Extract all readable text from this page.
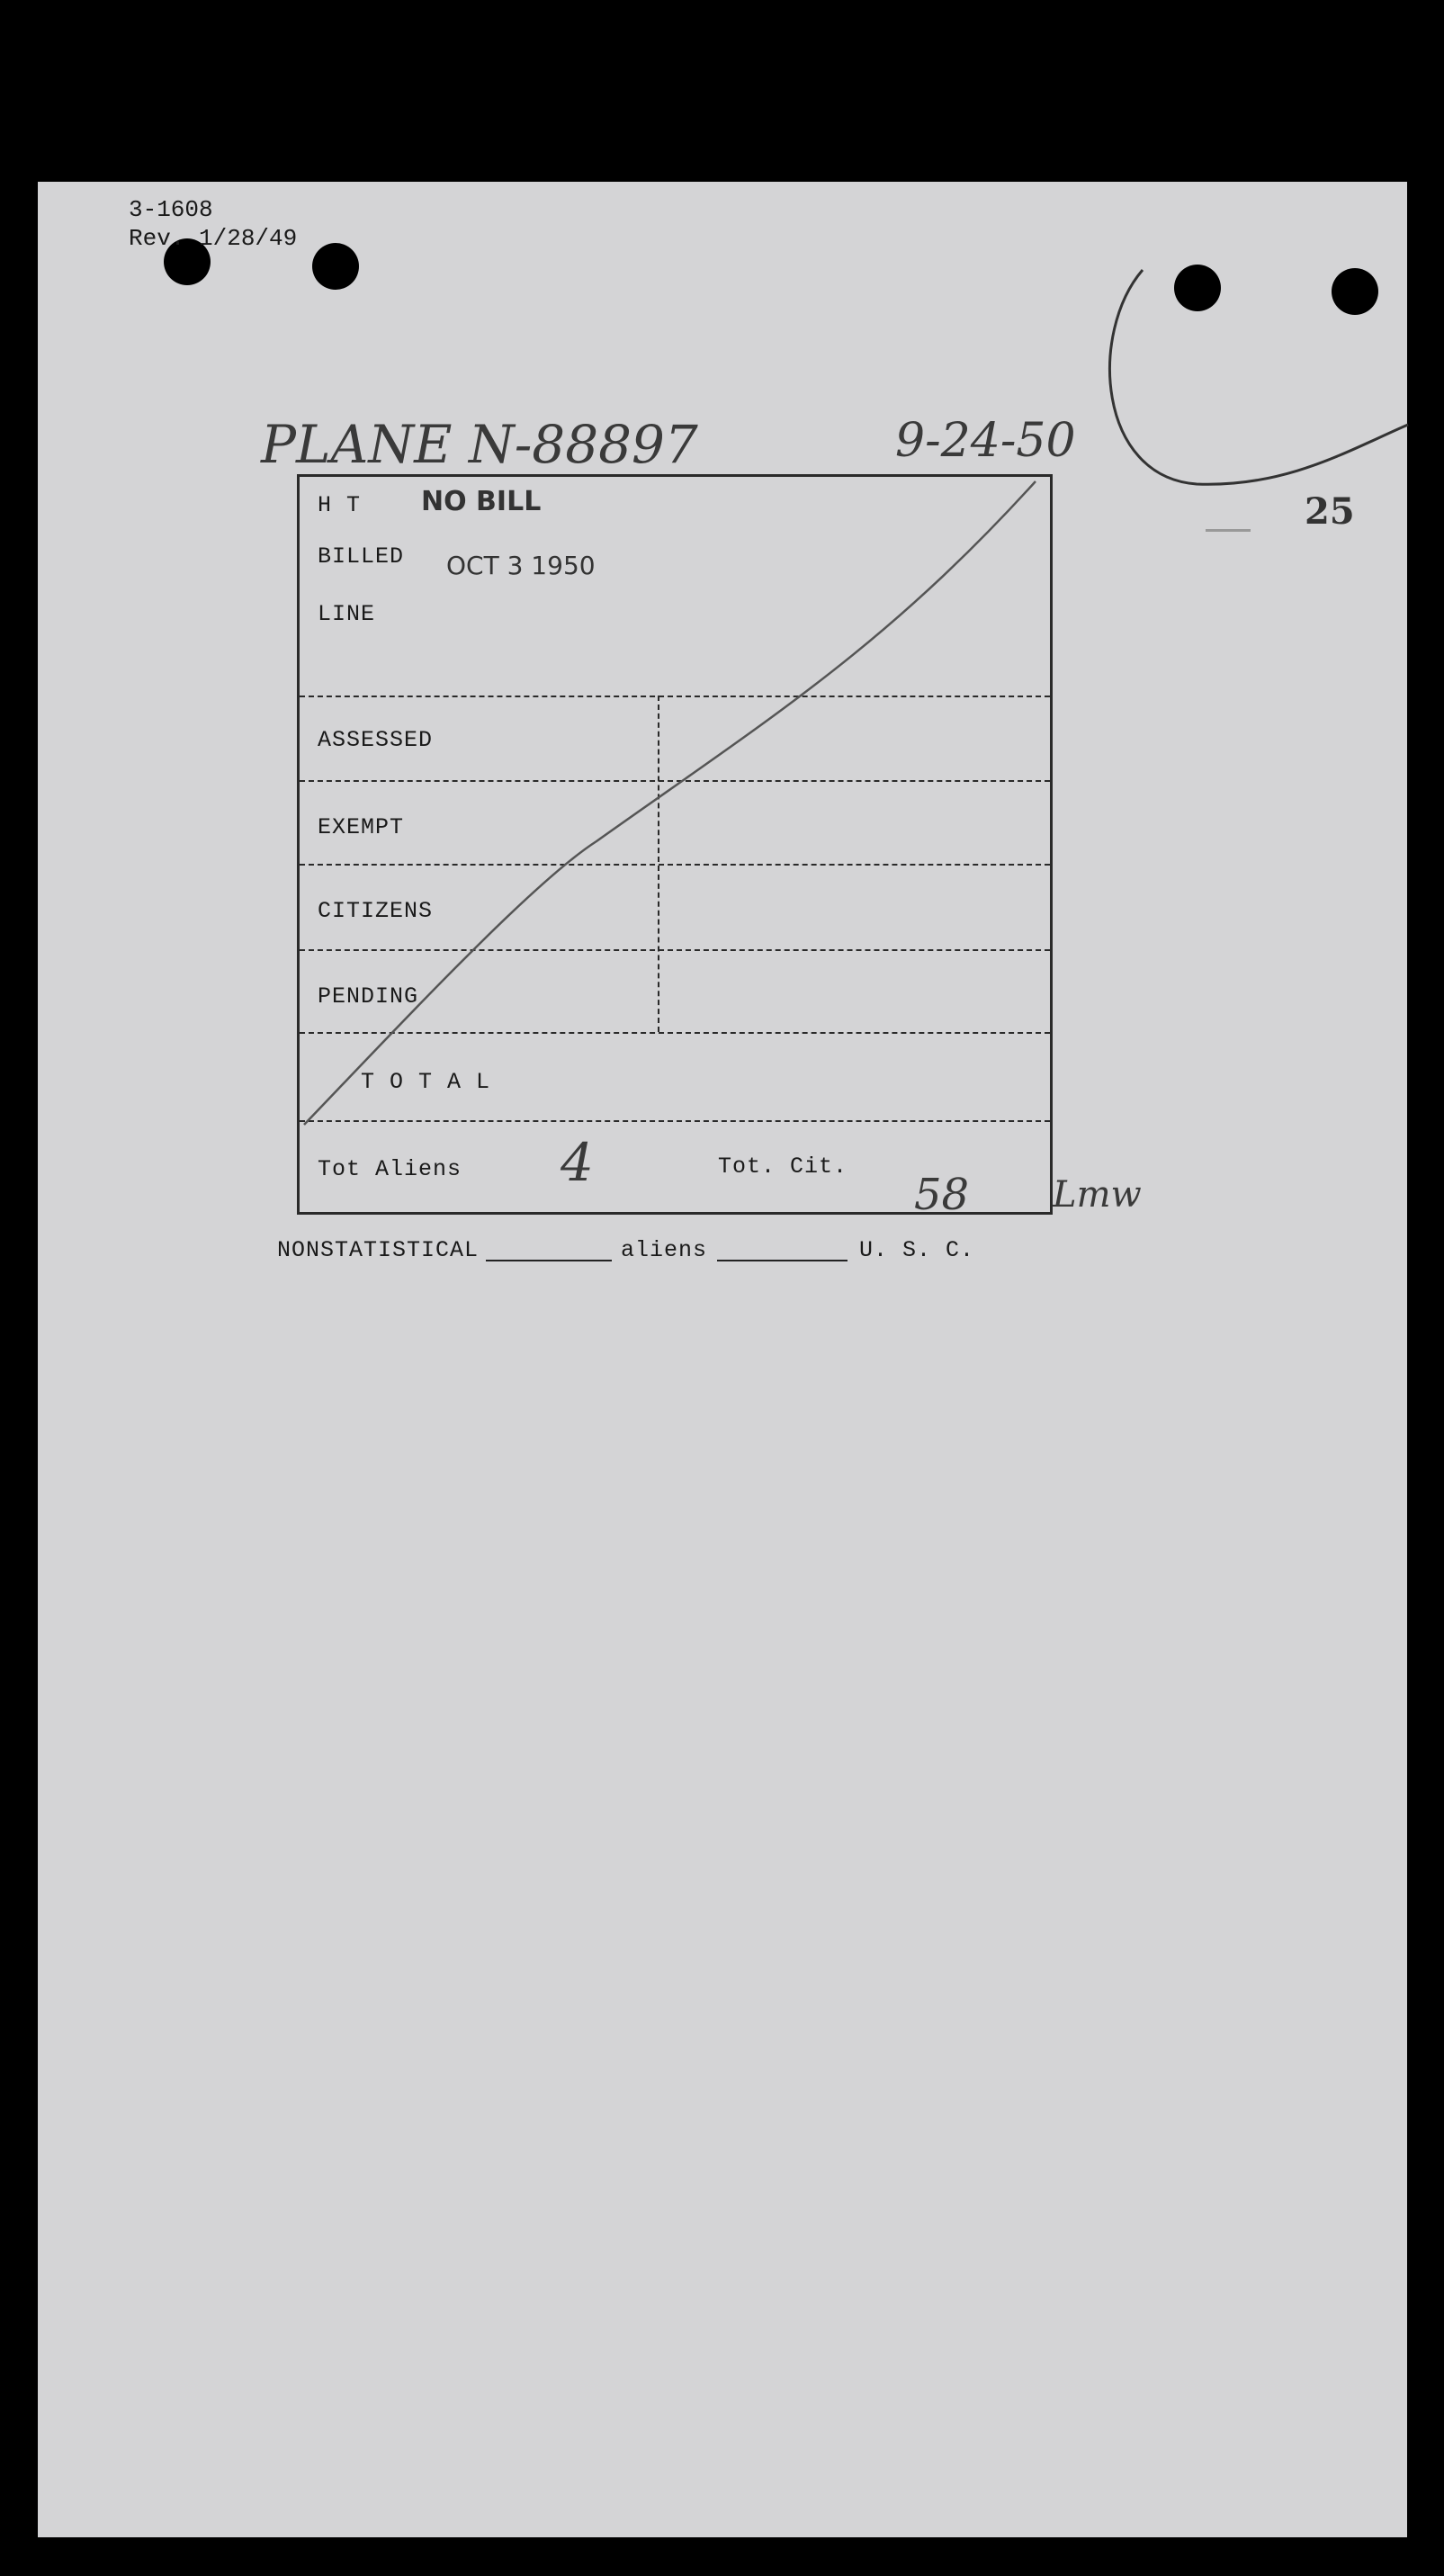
3-1608
Rev. 1/28/49
PLANE N-88897	9-24-50
25
H T NO BILL
BILLED OCT 3 1950
LINE
ASSESSED
EXEMPT
CITIZENS
PENDING
T O T A L
Tot Aliens 4	Tot. Cit.
58 Lmw
NONSTATISTICAL	aliens	U. S. C.
